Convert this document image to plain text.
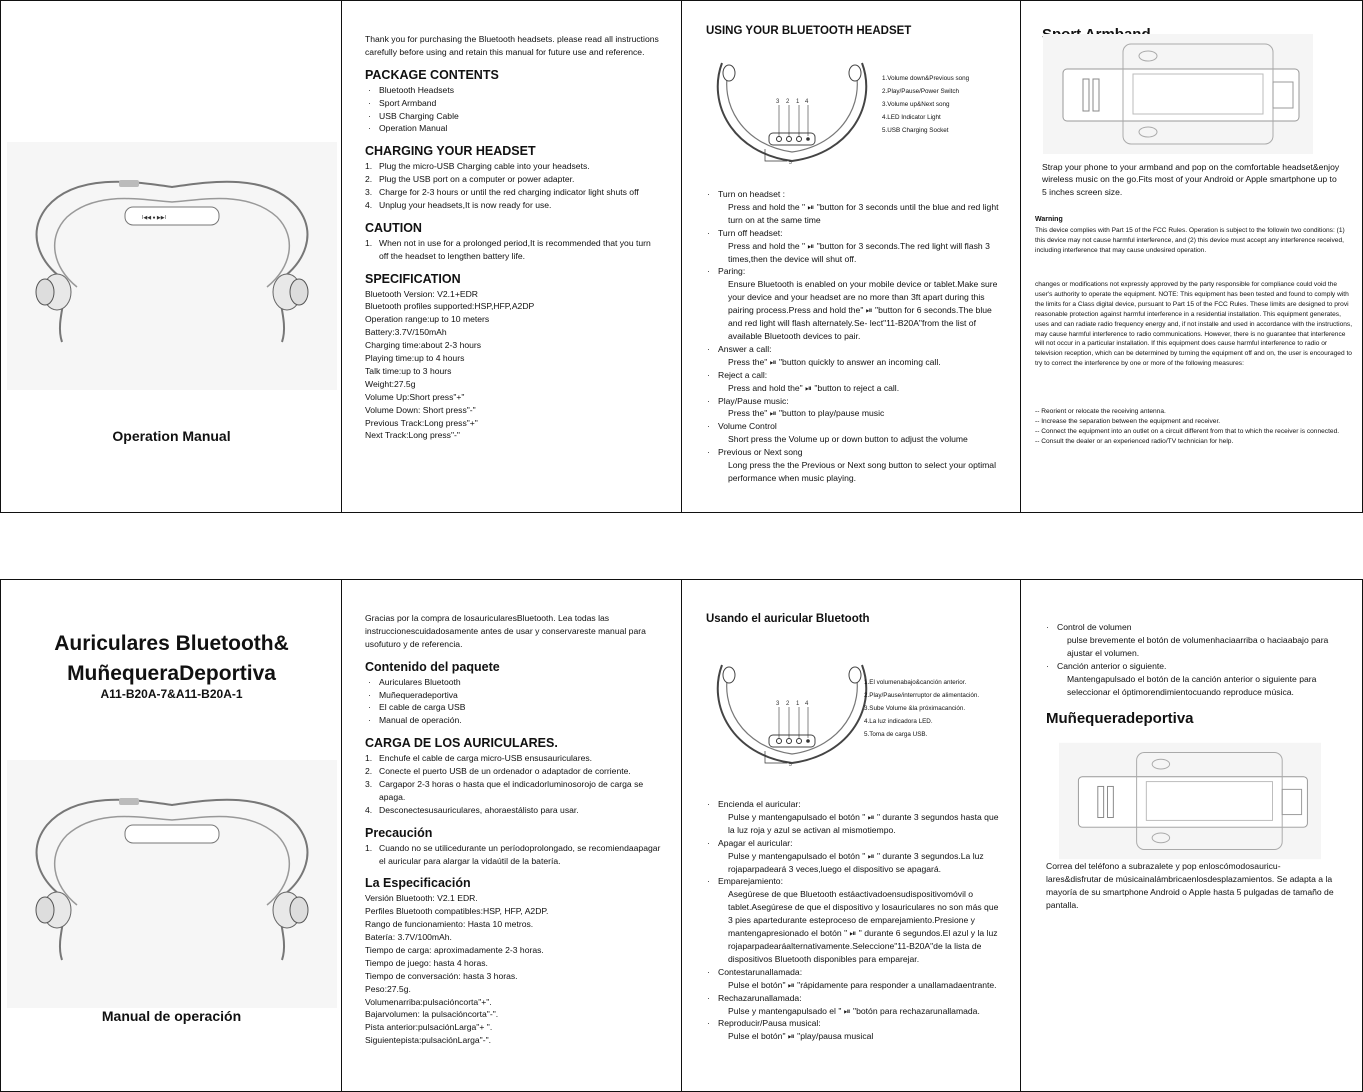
I◀◀ ● ▶▶I
Operation Manual

Thank you for purchasing the Bluetooth headsets. please read all instructions carefully before using and retain this manual for future use and reference.

PACKAGE CONTENTS
· Bluetooth Headsets
· Sport Armband
· USB Charging Cable
· Operation Manual
CHARGING YOUR HEADSET
1. Plug the micro-USB Charging cable into your headsets.
2. Plug the USB port on a computer or power adapter.
3. Charge for 2-3 hours or until the red charging indicator light shuts off
4. Unplug your headsets,It is now ready for use.
CAUTION
1. When not in use for a prolonged period,It is recommended that you turn off the headset to lengthen battery life.
SPECIFICATION
Bluetooth Version: V2.1+EDR
Bluetooth profiles supported:HSP,HFP,A2DP
Operation range:up to 10 meters
Battery:3.7V/150mAh
Charging time:about 2-3 hours
Playing time:up to 4 hours
Talk time:up to 3 hours
Weight:27.5g
Volume Up:Short press"+"
Volume Down: Short press"-"
Previous Track:Long press"+"
Next Track:Long press"-"
USING YOUR BLUETOOTH HEADSET
3 2 1 4
5
1.Volume down&Previous song
2.Play/Pause/Power Switch
3.Volume up&Next song
4.LED Indicator Light
5.USB Charging Socket
· Turn on headset :
Press and hold the " ⏯ "button for 3 seconds until the blue and red light turn on at the same time
· Turn off headset:
Press and hold the " ⏯ "button for 3 seconds.The red light will flash 3 times,then the device will shut off.
· Paring:
Ensure Bluetooth is enabled on your mobile device or tablet.Make sure your device and your headset are no more than 3ft apart during this pairing process.Press and hold the" ⏯ "button for 6 seconds.The blue and red light will flash alternately.Se- lect"11-B20A"from the list of available Bluetooth devices to pair.
· Answer a call:
Press the" ⏯ "button quickly to answer an incoming call.
· Reject a call:
Press and hold the" ⏯ "button to reject a call.
· Play/Pause music:
Press the" ⏯ "button to play/pause music
· Volume Control
Short press the Volume up or down button to adjust the volume
· Previous or Next song
Long press the the Previous or Next song button to select your optimal performance when music playing.

Strap your phone to your armband and pop on the comfortable headset&enjoy wireless music on the go.Fits most of your Android or Apple smartphone up to 5 inches screen size.

Warning

This device complies with Part 15 of the FCC Rules. Operation is subject to the followin two conditions: (1) this device may not cause harmful interference, and (2) this device must accept any interference received, including interference that may cause undesired operation.

changes or modifications not expressly approved by the party responsible for compliance could void the user's authority to operate the equipment. NOTE: This equipment has been tested and found to comply with the limits for a Class digital device, pursuant to Part 15 of the FCC Rules. These limits are designed to provi reasonable protection against harmful interference in a residential installation. This equipment generates, uses and can radiate radio frequency energy and, if not installe and used in accordance with the instructions, may cause harmful interference to radio communications. However, there is no guarantee that interference will not occur in a particular installation. If this equipment does cause harmful interference to radio or television reception, which can be determined by turning the equipment off and on, the user is encouraged to try to correct the interference by one or more of the following measures:

-- Reorient or relocate the receiving antenna.
-- Increase the separation between the equipment and receiver.
-- Connect the equipment into an outlet on a circuit different from that to which the receiver is connected.
-- Consult the dealer or an experienced radio/TV technician for help.
Auriculares Bluetooth&
MuñequeraDeportiva
A11-B20A-7&A11-B20A-1
Manual de operación

Gracias por la compra de losauricularesBluetooth. Lea todas las instruccionescuidadosamente antes de usar y conservareste manual para usofuturo y de referencia.

Contenido del paquete
· Auriculares Bluetooth
· Muñequeradeportiva
· El cable de carga USB
· Manual de operación.
CARGA DE LOS AURICULARES.
1. Enchufe el cable de carga micro-USB ensusauriculares.
2. Conecte el puerto USB de un ordenador o adaptador de corriente.
3. Cargapor 2-3 horas o hasta que el indicadorluminosorojo de carga se apaga.
4. Desconectesusauriculares, ahoraestálisto para usar.
Precaución
1. Cuando no se utilicedurante un períodoprolongado, se recomiendaapagar el auricular para alargar la vidaútil de la batería.
La Especificación
Versión Bluetooth: V2.1 EDR.
Perfiles Bluetooth compatibles:HSP, HFP, A2DP.
Rango de funcionamiento: Hasta 10 metros.
Batería: 3.7V/100mAh.
Tiempo de carga: aproximadamente 2-3 horas.
Tiempo de juego: hasta 4 horas.
Tiempo de conversación: hasta 3 horas.
Peso:27.5g.
Volumenarriba:pulsacióncorta"+".
Bajarvolumen: la pulsacióncorta"-".
Pista anterior:pulsaciónLarga"+ ".
Siguientepista:pulsaciónLarga"-".
Usando el auricular Bluetooth
3 2 1 4
5
1.El volumenabajo&canción anterior.
2.Play/Pause/interruptor de alimentación.
3.Sube Volume &la próximacanción.
4.La luz indicadora LED.
5.Toma de carga USB.
· Encienda el auricular:
Pulse y mantengapulsado el botón " ⏯ " durante 3 segundos hasta que la luz roja y azul se activan al mismotiempo.
· Apagar el auricular:
Pulse y mantengapulsado el botón " ⏯ " durante 3 segundos.La luz rojaparpadeará 3 veces,luego el dispositivo se apagará.
· Emparejamiento:
Asegúrese de que Bluetooth estáactivadoensudispositivomóvil o tablet.Asegúrese de que el dispositivo y losauriculares no son más que 3 pies apartedurante esteproceso de emparejamiento.Presione y mantengapresionado el botón " ⏯ " durante 6 segundos.El azul y la luz rojaparpadearáalternativamente.Seleccione"11-B20A"de la lista de dispositivos Bluetooth disponibles para emparejar.
· Contestarunallamada:
Pulse el botón" ⏯ "rápidamente para responder a unallamadaentrante.
· Rechazarunallamada:
Pulse y mantengapulsado el " ⏯ "botón para rechazarunallamada.
· Reproducir/Pausa musical:
Pulse el botón" ⏯ "play/pausa musical
· Control de volumen
pulse brevemente el botón de volumenhaciaarriba o haciaabajo para ajustar el volumen.
· Canción anterior o siguiente.
Mantengapulsado el botón de la canción anterior o siguiente para seleccionar el óptimorendimientocuando reproduce música.
Muñequeradeportiva

Correa del teléfono a subrazalete y pop enloscómodosauricu- lares&disfrutar de músicainalámbricaenlosdesplazamientos. Se adapta a la mayoría de su smartphone Android o Apple hasta 5 pulgadas de tamaño de pantalla.
